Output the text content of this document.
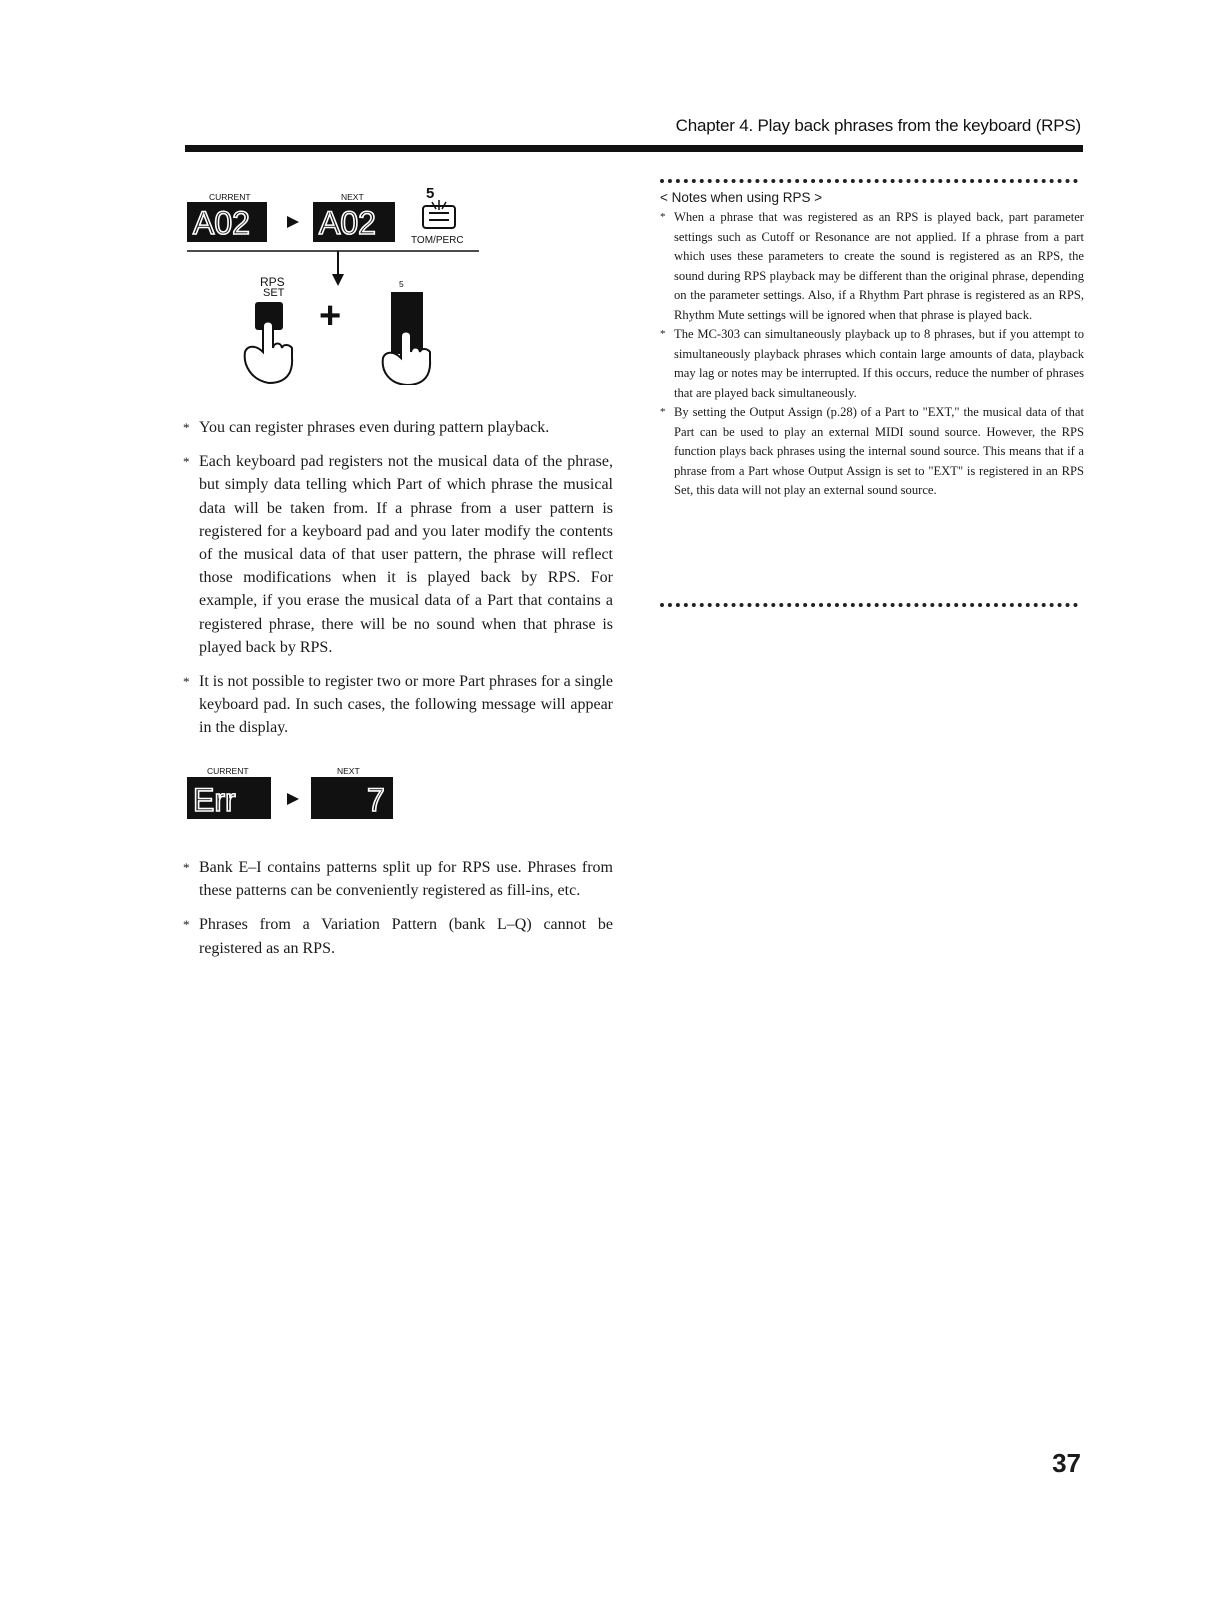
Chapter 4. Play back phrases from the keyboard (RPS)
CURRENT	NEXT	5
A02 A02	TOM/PERC
RPS
SET
5
+
* You can register phrases even during pattern playback.
* Each keyboard pad registers not the musical data of the phrase, but simply data telling which Part of which phrase the musical data will be taken from. If a phrase from a user pattern is registered for a keyboard pad and you later modify the contents of the musical data of that user pattern, the phrase will reflect those modifications when it is played back by RPS. For example, if you erase the musical data of a Part that contains a registered phrase, there will be no sound when that phrase is played back by RPS.
* It is not possible to register two or more Part phrases for a single keyboard pad. In such cases, the following message will appear in the display.
CURRENT	NEXT
Err	7
* Bank E–I contains patterns split up for RPS use. Phrases from these patterns can be conveniently registered as fill-ins, etc.
* Phrases from a Variation Pattern (bank L–Q) cannot be registered as an RPS.
< Notes when using RPS >
* When a phrase that was registered as an RPS is played back, part parameter settings such as Cutoff or Resonance are not applied. If a phrase from a part which uses these parameters to create the sound is registered as an RPS, the sound during RPS playback may be different than the original phrase, depending on the parameter settings. Also, if a Rhythm Part phrase is registered as an RPS, Rhythm Mute settings will be ignored when that phrase is played back.
* The MC-303 can simultaneously playback up to 8 phrases, but if you attempt to simultaneously playback phrases which contain large amounts of data, playback may lag or notes may be interrupted. If this occurs, reduce the number of phrases that are played back simultaneously.
* By setting the Output Assign (p.28) of a Part to "EXT," the musical data of that Part can be used to play an external MIDI sound source. However, the RPS function plays back phrases using the internal sound source. This means that if a phrase from a Part whose Output Assign is set to "EXT" is registered in an RPS Set, this data will not play an external sound source.
37
